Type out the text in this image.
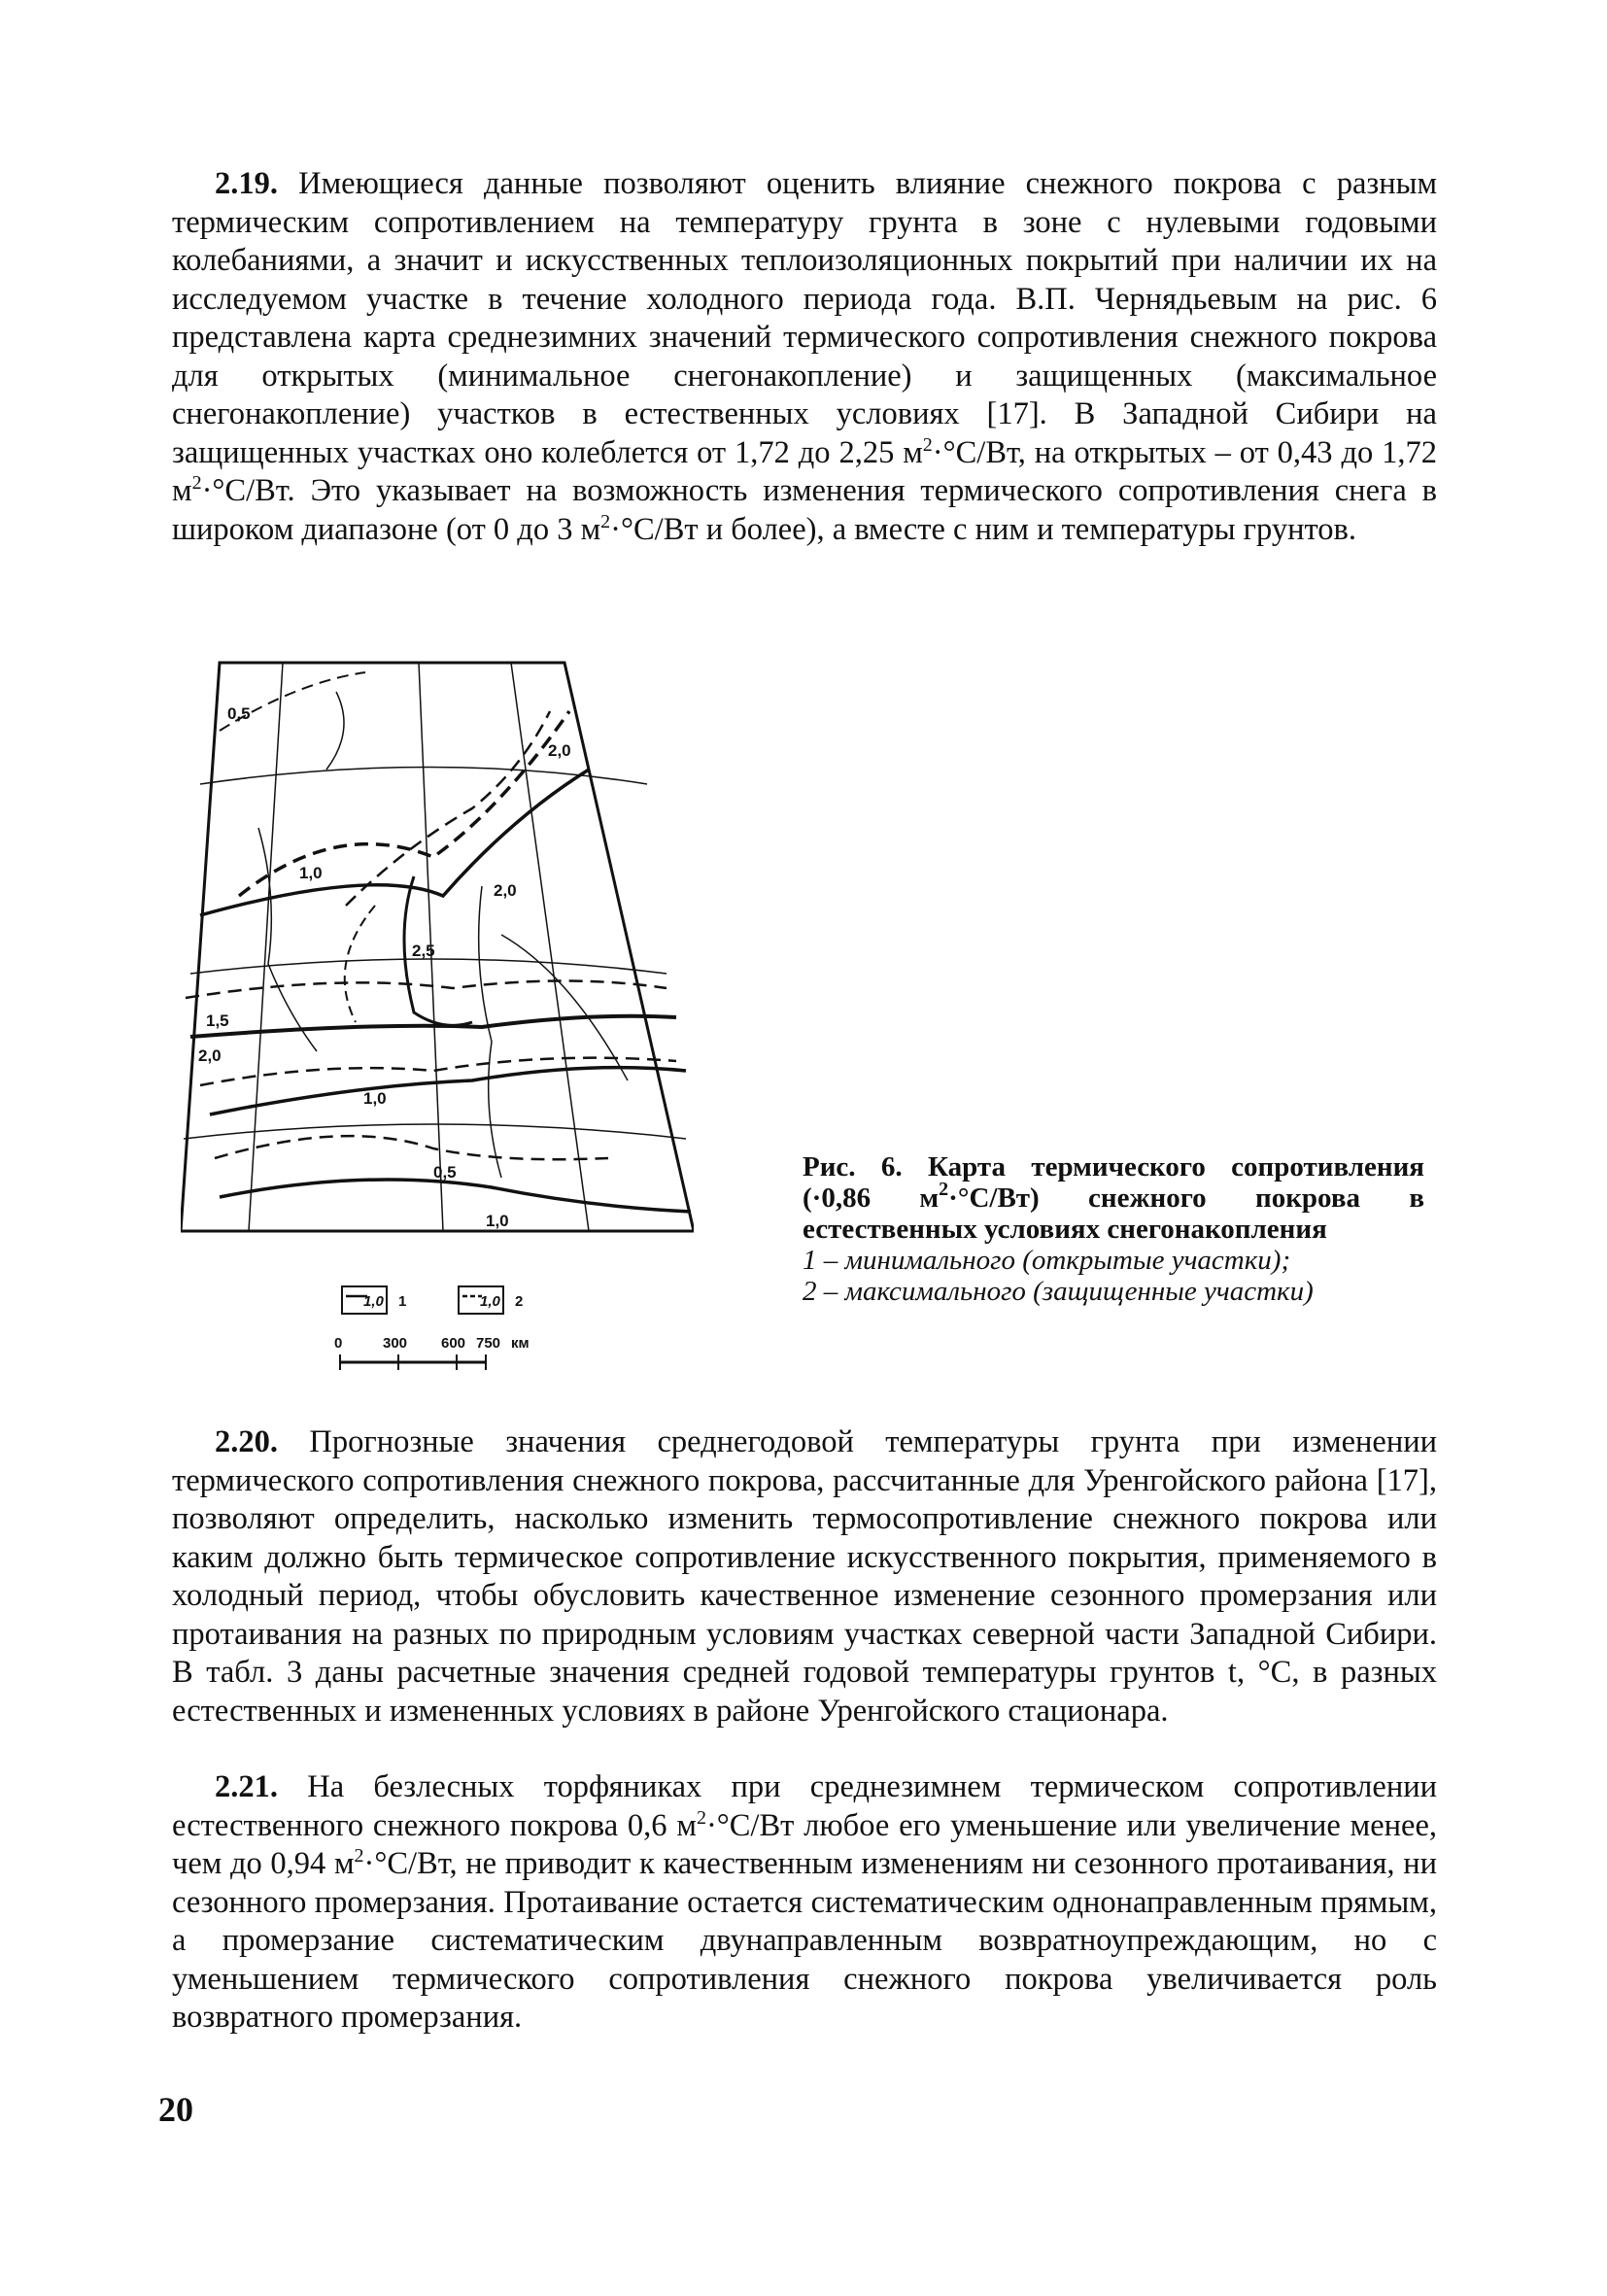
2.19. Имеющиеся данные позволяют оценить влияние снежного покрова с разным термическим сопротивлением на температуру грунта в зоне с нулевыми годовыми колебаниями, а значит и искусственных теплоизоляционных покрытий при наличии их на исследуемом участке в течение холодного периода года. В.П. Чернядьевым на рис. 6 представлена карта среднезимних значений термического сопротивления снежного покрова для открытых (минимальное снегонакопление) и защищенных (максимальное снегонакопление) участков в естественных условиях [17]. В Западной Сибири на защищенных участках оно колеблется от 1,72 до 2,25 $м^2\cdot^\circ С/Вт$, на открытых – от 0,43 до 1,72 $м^2\cdot^\circ С/Вт$. Это указывает на возможность изменения термического сопротивления снега в широком диапазоне (от 0 до 3 $м^2\cdot^\circ С/Вт$ и более), а вместе с ним и температуры грунтов.
0,5
2,0
1,0
2,0
2,5
1,5
2,0
1,0
0,5
1,0
1,0 1	1,0 2
0	300 600 750 км
Рис. 6. Карта термического сопротивления (·0,86 $м^2\cdot^\circ С/Вт$) снежного покрова в естественных условиях снегонакопления
1 – минимального (открытые участки);
2 – максимального (защищенные участки)
2.20. Прогнозные значения среднегодовой температуры грунта при изменении термического сопротивления снежного покрова, рассчитанные для Уренгойского района [17], позволяют определить, насколько изменить термосопротивление снежного покрова или каким должно быть термическое сопротивление искусственного покрытия, применяемого в холодный период, чтобы обусловить качественное изменение сезонного промерзания или протаивания на разных по природным условиям участках северной части Западной Сибири. В табл. 3 даны расчетные значения средней годовой температуры грунтов t, °С, в разных естественных и измененных условиях в районе Уренгойского стационара.
2.21. На безлесных торфяниках при среднезимнем термическом сопротивлении естественного снежного покрова 0,6 $м^2\cdot^\circ С/Вт$ любое его уменьшение или увеличение менее, чем до 0,94 $м^2\cdot^\circ С/Вт$, не приводит к качественным изменениям ни сезонного протаивания, ни сезонного промерзания. Протаивание остается систематическим однонаправленным прямым, а промерзание систематическим двунаправленным возвратноупреждающим, но с уменьшением термического сопротивления снежного покрова увеличивается роль возвратного промерзания.
20
